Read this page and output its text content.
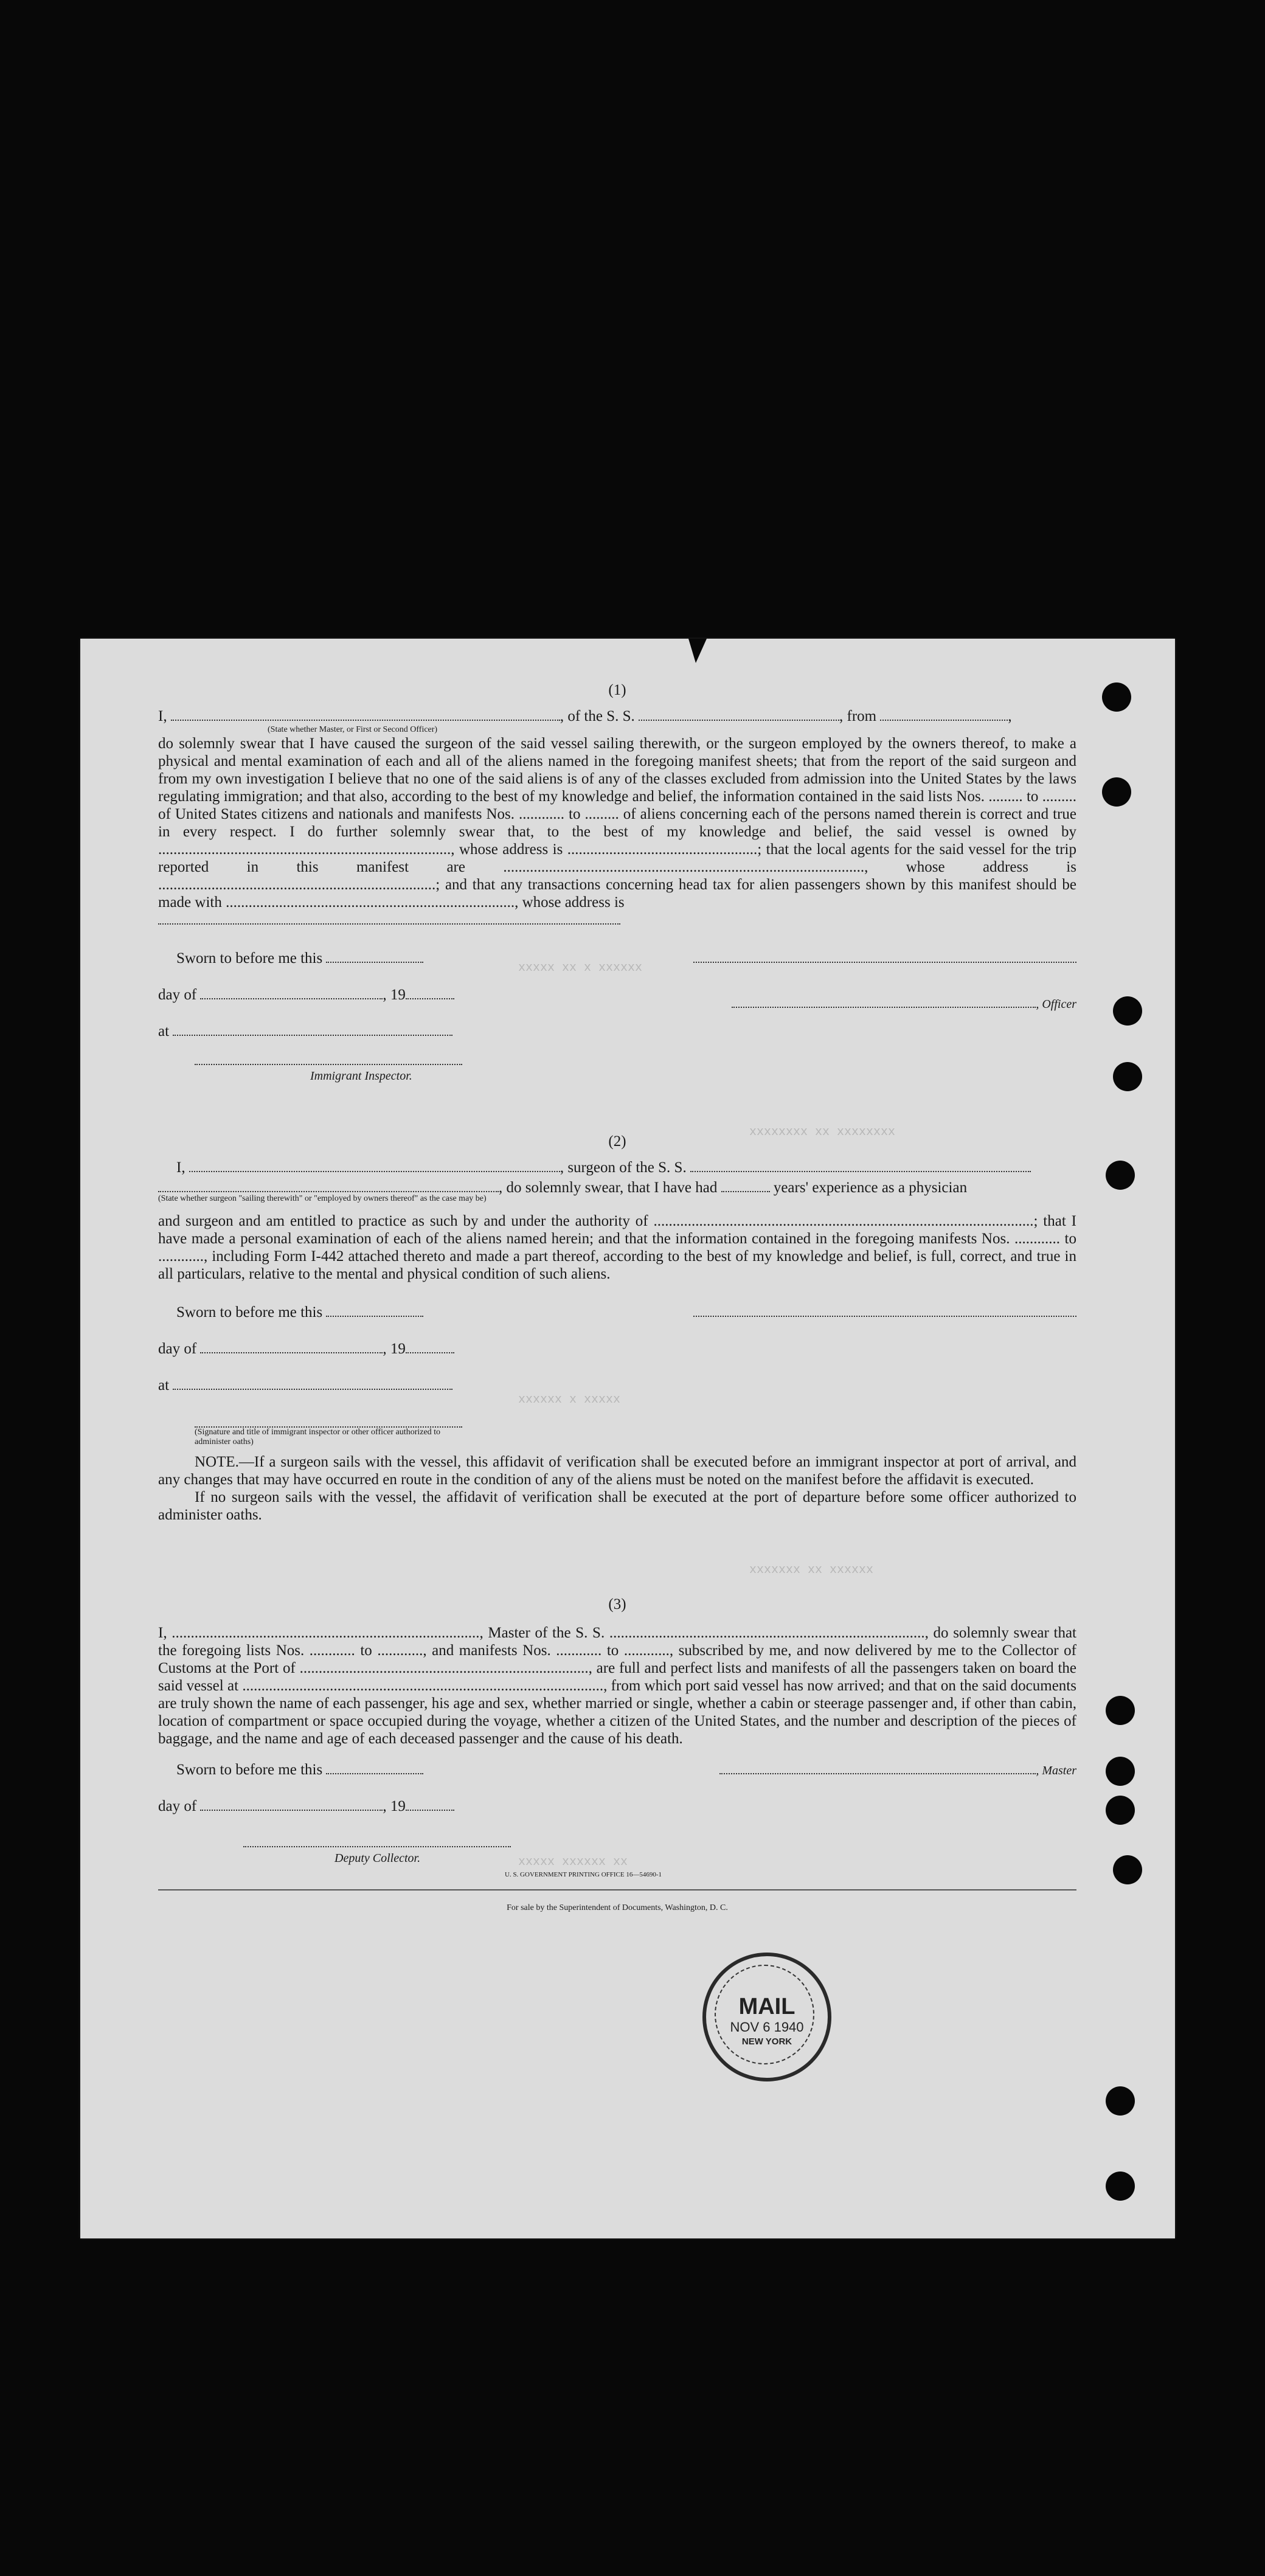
(1)
I,	, of the S. S.	, from	,
(State whether Master, or First or Second Officer)
do solemnly swear that I have caused the surgeon of the said vessel sailing therewith, or the surgeon employed by the owners thereof, to make a physical and mental examination of each and all of the aliens named in the foregoing manifest sheets; that from the report of the said surgeon and from my own investigation I believe that no one of the said aliens is of any of the classes excluded from admission into the United States by the laws regulating immigration; and that also, according to the best of my knowledge and belief, the information contained in the said lists Nos. ......... to ......... of United States citizens and nationals and manifests Nos. ............ to ......... of aliens concerning each of the persons named therein is correct and true in every respect. I do further solemnly swear that, to the best of my knowledge and belief, the said vessel is owned by ............................................................................., whose address is ..................................................; that the local agents for the said vessel for the trip reported in this manifest are ..............................................................................................., whose address is .........................................................................; and that any transactions concerning head tax for alien passengers shown by this manifest should be made with ............................................................................, whose address is
Sworn to before me this
day of	, 19
, Officer
at
Immigrant Inspector.
(2)
I,	, surgeon of the S. S.
, do solemnly swear, that I have had	years' experience as a physician
(State whether surgeon "sailing therewith" or "employed by owners thereof" as the case may be)
and surgeon and am entitled to practice as such by and under the authority of ....................................................................................................; that I have made a personal examination of each of the aliens named herein; and that the information contained in the foregoing manifests Nos. ............ to ............, including Form I-442 attached thereto and made a part thereof, according to the best of my knowledge and belief, is full, correct, and true in all particulars, relative to the mental and physical condition of such aliens.
Sworn to before me this
day of	, 19
at
(Signature and title of immigrant inspector or other officer authorized to administer oaths)
NOTE.—If a surgeon sails with the vessel, this affidavit of verification shall be executed before an immigrant inspector at port of arrival, and any changes that may have occurred en route in the condition of any of the aliens must be noted on the manifest before the affidavit is executed.
If no surgeon sails with the vessel, the affidavit of verification shall be executed at the port of departure before some officer authorized to administer oaths.
(3)
I, ................................................................................., Master of the S. S. ..................................................................................., do solemnly swear that the foregoing lists Nos. ............ to ............, and manifests Nos. ............ to ............, subscribed by me, and now delivered by me to the Collector of Customs at the Port of ............................................................................, are full and perfect lists and manifests of all the passengers taken on board the said vessel at ..............................................................................................., from which port said vessel has now arrived; and that on the said documents are truly shown the name of each passenger, his age and sex, whether married or single, whether a cabin or steerage passenger and, if other than cabin, location of compartment or space occupied during the voyage, whether a citizen of the United States, and the number and description of the pieces of baggage, and the name and age of each deceased passenger and the cause of his death.
Sworn to before me this	, Master
day of	, 19
Deputy Collector.
U. S. GOVERNMENT PRINTING OFFICE 16—54690-1
For sale by the Superintendent of Documents, Washington, D. C.
xxxxx xx x xxxxxx
xxxxxxxx xx xxxxxxxx
xxxxxx x xxxxx
xxxxxxx xx xxxxxx
xxxxx xxxxxx xx
MAIL
NOV 6 1940
NEW YORK
